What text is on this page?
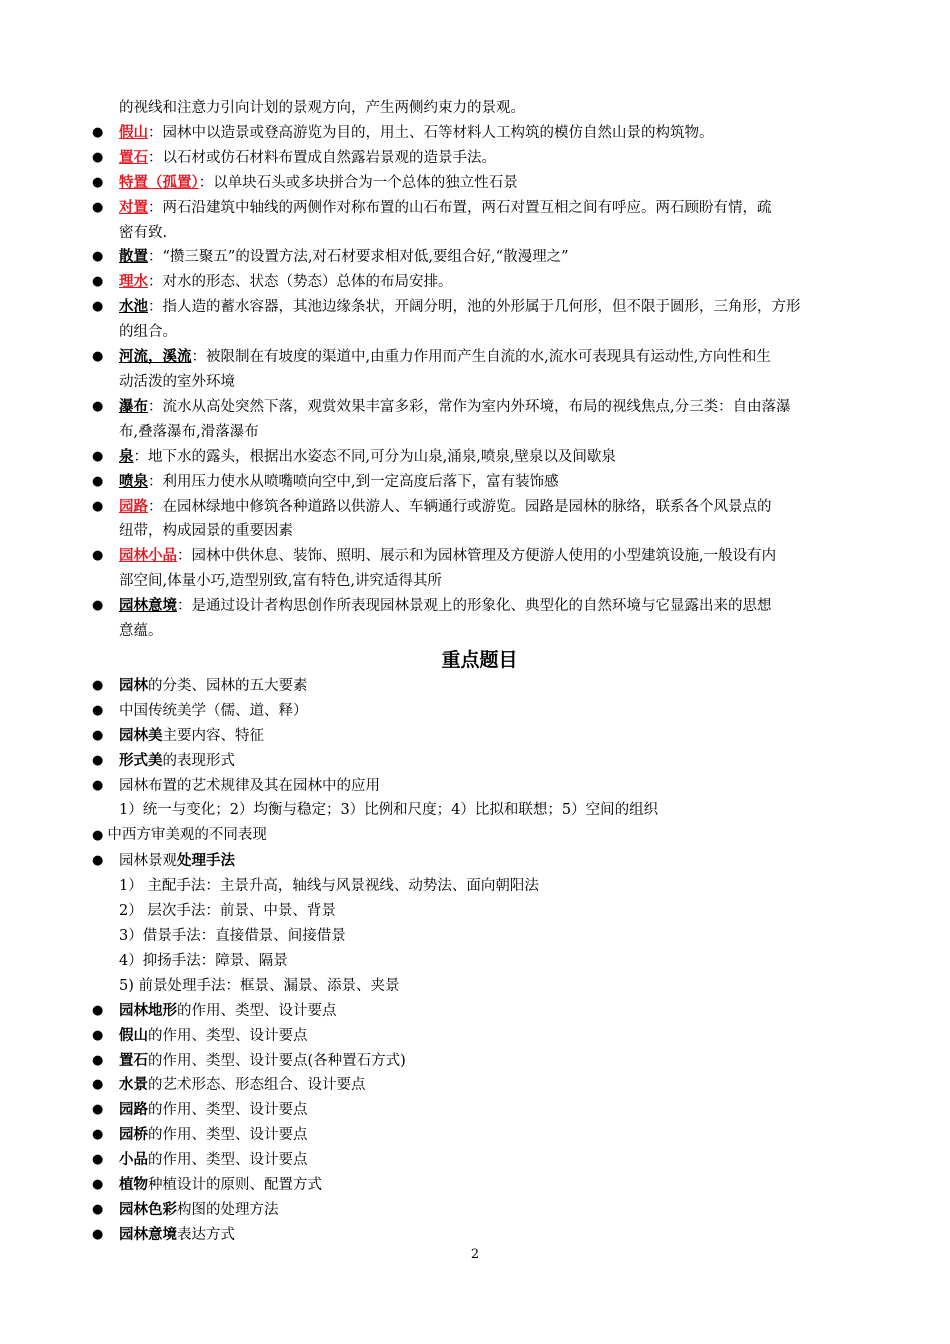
的视线和注意力引向计划的景观方向，产生两侧约束力的景观。
● 假山：园林中以造景或登高游览为目的，用土、石等材料人工构筑的模仿自然山景的构筑物。
● 置石：以石材或仿石材料布置成自然露岩景观的造景手法。
● 特置（孤置）：以单块石头或多块拼合为一个总体的独立性石景
● 对置：两石沿建筑中轴线的两侧作对称布置的山石布置，两石对置互相之间有呼应。两石顾盼有情，疏
密有致.
● 散置：“攒三聚五”的设置方法,对石材要求相对低,要组合好,“散漫理之”
● 理水：对水的形态、状态（势态）总体的布局安排。
● 水池：指人造的蓄水容器，其池边缘条状，开阔分明，池的外形属于几何形，但不限于圆形，三角形，方形
的组合。
● 河流，溪流：被限制在有坡度的渠道中,由重力作用而产生自流的水,流水可表现具有运动性,方向性和生
动活泼的室外环境
● 瀑布：流水从高处突然下落，观赏效果丰富多彩，常作为室内外环境，布局的视线焦点,分三类：自由落瀑
布,叠落瀑布,滑落瀑布
● 泉：地下水的露头，根据出水姿态不同,可分为山泉,涌泉,喷泉,壁泉以及间歇泉
● 喷泉：利用压力使水从喷嘴喷向空中,到一定高度后落下，富有装饰感
● 园路：在园林绿地中修筑各种道路以供游人、车辆通行或游览。园路是园林的脉络，联系各个风景点的
纽带，构成园景的重要因素
● 园林小品：园林中供休息、装饰、照明、展示和为园林管理及方便游人使用的小型建筑设施,一般设有内
部空间,体量小巧,造型别致,富有特色,讲究适得其所
● 园林意境：是通过设计者构思创作所表现园林景观上的形象化、典型化的自然环境与它显露出来的思想
意蕴。
重点题目
● 园林的分类、园林的五大要素
● 中国传统美学（儒、道、释）
● 园林美主要内容、特征
● 形式美的表现形式
● 园林布置的艺术规律及其在园林中的应用
1）统一与变化；2）均衡与稳定；3）比例和尺度；4）比拟和联想；5）空间的组织
● 中西方审美观的不同表现
● 园林景观处理手法
1） 主配手法：主景升高，轴线与风景视线、动势法、面向朝阳法
2） 层次手法：前景、中景、背景
3）借景手法：直接借景、间接借景
4）抑扬手法：障景、隔景
5) 前景处理手法：框景、漏景、添景、夹景
● 园林地形的作用、类型、设计要点
● 假山的作用、类型、设计要点
● 置石的作用、类型、设计要点(各种置石方式)
● 水景的艺术形态、形态组合、设计要点
● 园路的作用、类型、设计要点
● 园桥的作用、类型、设计要点
● 小品的作用、类型、设计要点
● 植物种植设计的原则、配置方式
● 园林色彩构图的处理方法
● 园林意境表达方式
2
